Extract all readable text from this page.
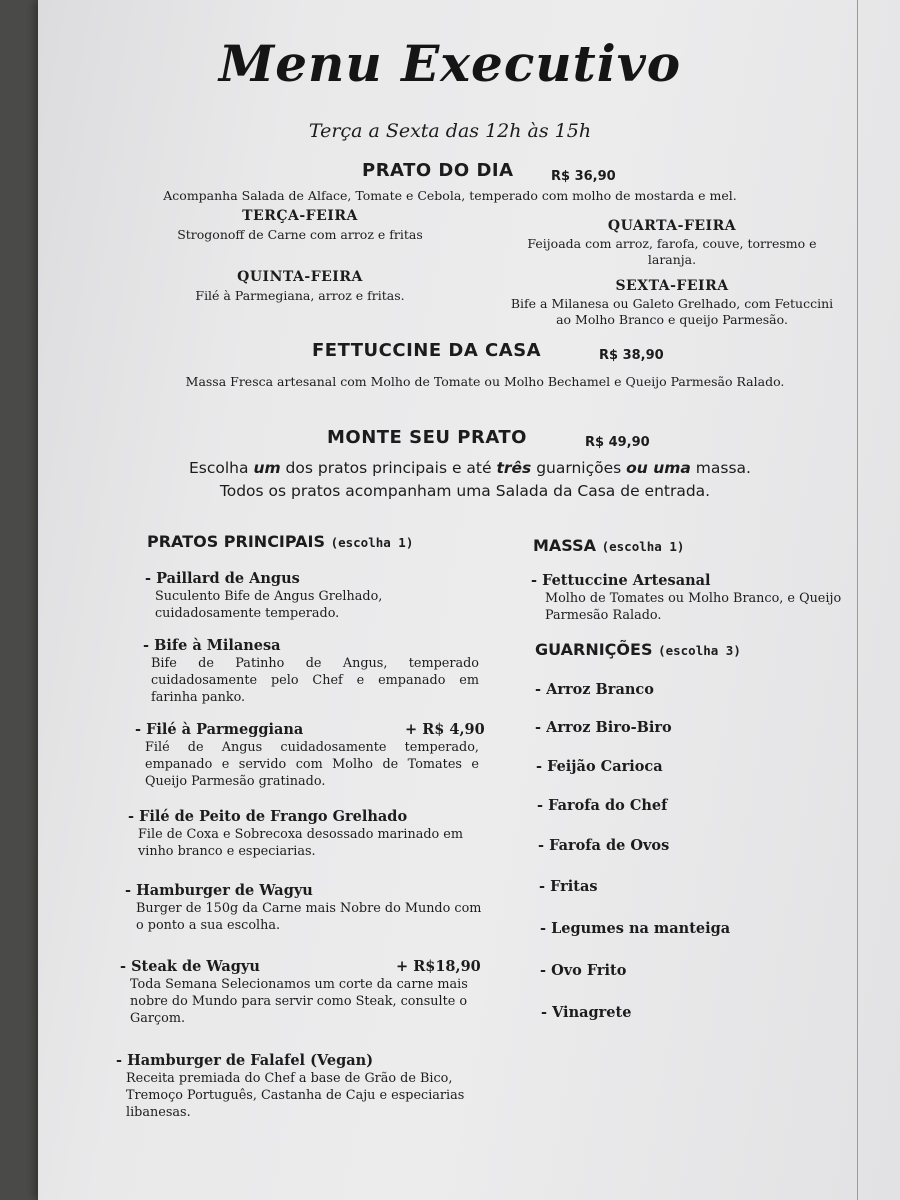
Menu Executivo
Terça a Sexta das 12h às 15h
PRATO DO DIA	R$ 36,90
Acompanha Salada de Alface, Tomate e Cebola, temperado com molho de mostarda e mel.
TERÇA-FEIRA
Strogonoff de Carne com arroz e fritas
QUARTA-FEIRA
Feijoada com arroz, farofa, couve, torresmo e laranja.
QUINTA-FEIRA
Filé à Parmegiana, arroz e fritas.
SEXTA-FEIRA
Bife a Milanesa ou Galeto Grelhado, com Fetuccini ao Molho Branco e queijo Parmesão.
FETTUCCINE DA CASA	R$ 38,90
Massa Fresca artesanal com Molho de Tomate ou Molho Bechamel e Queijo Parmesão Ralado.
MONTE SEU PRATO	R$ 49,90
Escolha um dos pratos principais e até três guarnições ou uma massa.
Todos os pratos acompanham uma Salada da Casa de entrada.
PRATOS PRINCIPAIS (escolha 1)
- Paillard de Angus
Suculento Bife de Angus Grelhado, cuidadosamente temperado.
- Bife à Milanesa
Bife de Patinho de Angus, temperado cuidadosamente pelo Chef e empanado em farinha panko.
- Filé à Parmeggiana	+ R$ 4,90
Filé de Angus cuidadosamente temperado, empanado e servido com Molho de Tomates e Queijo Parmesão gratinado.
- Filé de Peito de Frango Grelhado
File de Coxa e Sobrecoxa desossado marinado em vinho branco e especiarias.
- Hamburger de Wagyu
Burger de 150g da Carne mais Nobre do Mundo com o ponto a sua escolha.
- Steak de Wagyu	+ R$18,90
Toda Semana Selecionamos um corte da carne mais nobre do Mundo para servir como Steak, consulte o Garçom.
- Hamburger de Falafel (Vegan)
Receita premiada do Chef a base de Grão de Bico, Tremoço Português, Castanha de Caju e especiarias libanesas.
MASSA (escolha 1)
- Fettuccine Artesanal
Molho de Tomates ou Molho Branco, e Queijo Parmesão Ralado.
GUARNIÇÕES (escolha 3)
- Arroz Branco
- Arroz Biro-Biro
- Feijão Carioca
- Farofa do Chef
- Farofa de Ovos
- Fritas
- Legumes na manteiga
- Ovo Frito
- Vinagrete
